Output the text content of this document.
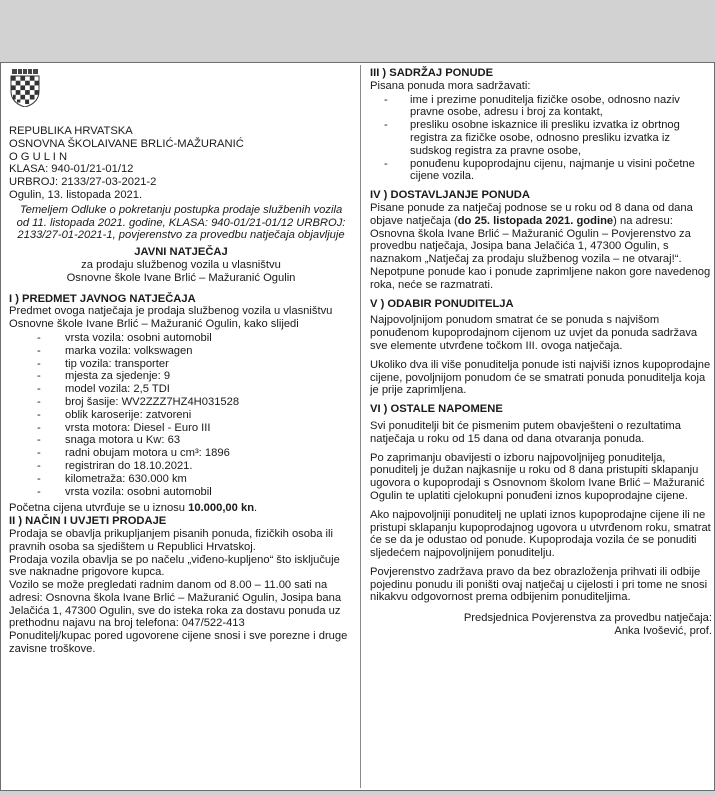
REPUBLIKA HRVATSKA
OSNOVNA ŠKOLAIVANE BRLIĆ-MAŽURANIĆ
O G U L I N
KLASA: 940-01/21-01/12
URBROJ: 2133/27-03-2021-2
Ogulin, 13. listopada 2021.

Temeljem Odluke o pokretanju postupka prodaje službenih vozila od 11. listopada 2021. godine, KLASA: 940-01/21-01/12 URBROJ: 2133/27-01-2021-1, povjerenstvo za provedbu natječaja objavljuje

JAVNI NATJEČAJ
za prodaju službenog vozila u vlasništvu
Osnovne škole Ivane Brlić – Mažuranić Ogulin
I ) PREDMET JAVNOG NATJEČAJA

Predmet ovoga natječaja je prodaja službenog vozila u vlasništvu Osnovne škole Ivane Brlić – Mažuranić Ogulin, kako slijedi

- vrsta vozila: osobni automobil
- marka vozila: volkswagen
- tip vozila: transporter
- mjesta za sjedenje: 9
- model vozila: 2,5 TDI
- broj šasije: WV2ZZZ7HZ4H031528
- oblik karoserije: zatvoreni
- vrsta motora: Diesel - Euro III
- snaga motora u Kw: 63
- radni obujam motora u cm³: 1896
- registriran do 18.10.2021.
- kilometraža: 630.000 km
- vrsta vozila: osobni automobil

Početna cijena utvrđuje se u iznosu 10.000,00 kn.

II ) NAČIN I UVJETI PRODAJE

Prodaja se obavlja prikupljanjem pisanih ponuda, fizičkih osoba ili pravnih osoba sa sjedištem u Republici Hrvatskoj.

Prodaja vozila obavlja se po načelu „viđeno-kupljeno“ što isključuje sve naknadne prigovore kupca.

Vozilo se može pregledati radnim danom od 8.00 – 11.00 sati na adresi: Osnovna škola Ivane Brlić – Mažuranić Ogulin, Josipa bana Jelačića 1, 47300 Ogulin, sve do isteka roka za dostavu ponuda uz prethodnu najavu na broj telefona: 047/522-413

Ponuditelj/kupac pored ugovorene cijene snosi i sve porezne i druge zavisne troškove.

III ) SADRŽAJ PONUDE

Pisana ponuda mora sadržavati:

- ime i prezime ponuditelja fizičke osobe, odnosno naziv pravne osobe, adresu i broj za kontakt,
- presliku osobne iskaznice ili presliku izvatka iz obrtnog registra za fizičke osobe, odnosno presliku izvatka iz sudskog registra za pravne osobe,
- ponuđenu kupoprodajnu cijenu, najmanje u visini početne cijene vozila.
IV ) DOSTAVLJANJE PONUDA

Pisane ponude za natječaj podnose se u roku od 8 dana od dana objave natječaja (do 25. listopada 2021. godine) na adresu: Osnovna škola Ivane Brlić – Mažuranić Ogulin – Povjerenstvo za provedbu natječaja, Josipa bana Jelačića 1, 47300 Ogulin, s naznakom „Natječaj za prodaju službenog vozila – ne otvaraj!“. Nepotpune ponude kao i ponude zaprimljene nakon gore navedenog roka, neće se razmatrati.

V ) ODABIR PONUDITELJA

Najpovoljnijom ponudom smatrat će se ponuda s najvišom ponuđenom kupoprodajnom cijenom uz uvjet da ponuda sadržava sve elemente utvrđene točkom III. ovoga natječaja.

Ukoliko dva ili više ponuditelja ponude isti najviši iznos kupoprodajne cijene, povoljnijom ponudom će se smatrati ponuda ponuditelja koja je prije zaprimljena.

VI ) OSTALE NAPOMENE

Svi ponuditelji bit će pismenim putem obavješteni o rezultatima natječaja u roku od 15 dana od dana otvaranja ponuda.

Po zaprimanju obavijesti o izboru najpovoljnijeg ponuditelja, ponuditelj je dužan najkasnije u roku od 8 dana pristupiti sklapanju ugovora o kupoprodaji s Osnovnom školom Ivane Brlić – Mažuranić Ogulin te uplatiti cjelokupni ponuđeni iznos kupoprodajne cijene.

Ako najpovoljniji ponuditelj ne uplati iznos kupoprodajne cijene ili ne pristupi sklapanju kupoprodajnog ugovora u utvrđenom roku, smatrat će se da je odustao od ponude. Kupoprodaja vozila će se ponuditi sljedećem najpovoljnijem ponuditelju.

Povjerenstvo zadržava pravo da bez obrazloženja prihvati ili odbije pojedinu ponudu ili poništi ovaj natječaj u cijelosti i pri tome ne snosi nikakvu odgovornost prema odbijenim ponuditeljima.

Predsjednica Povjerenstva za provedbu natječaja:
Anka Ivošević, prof.
